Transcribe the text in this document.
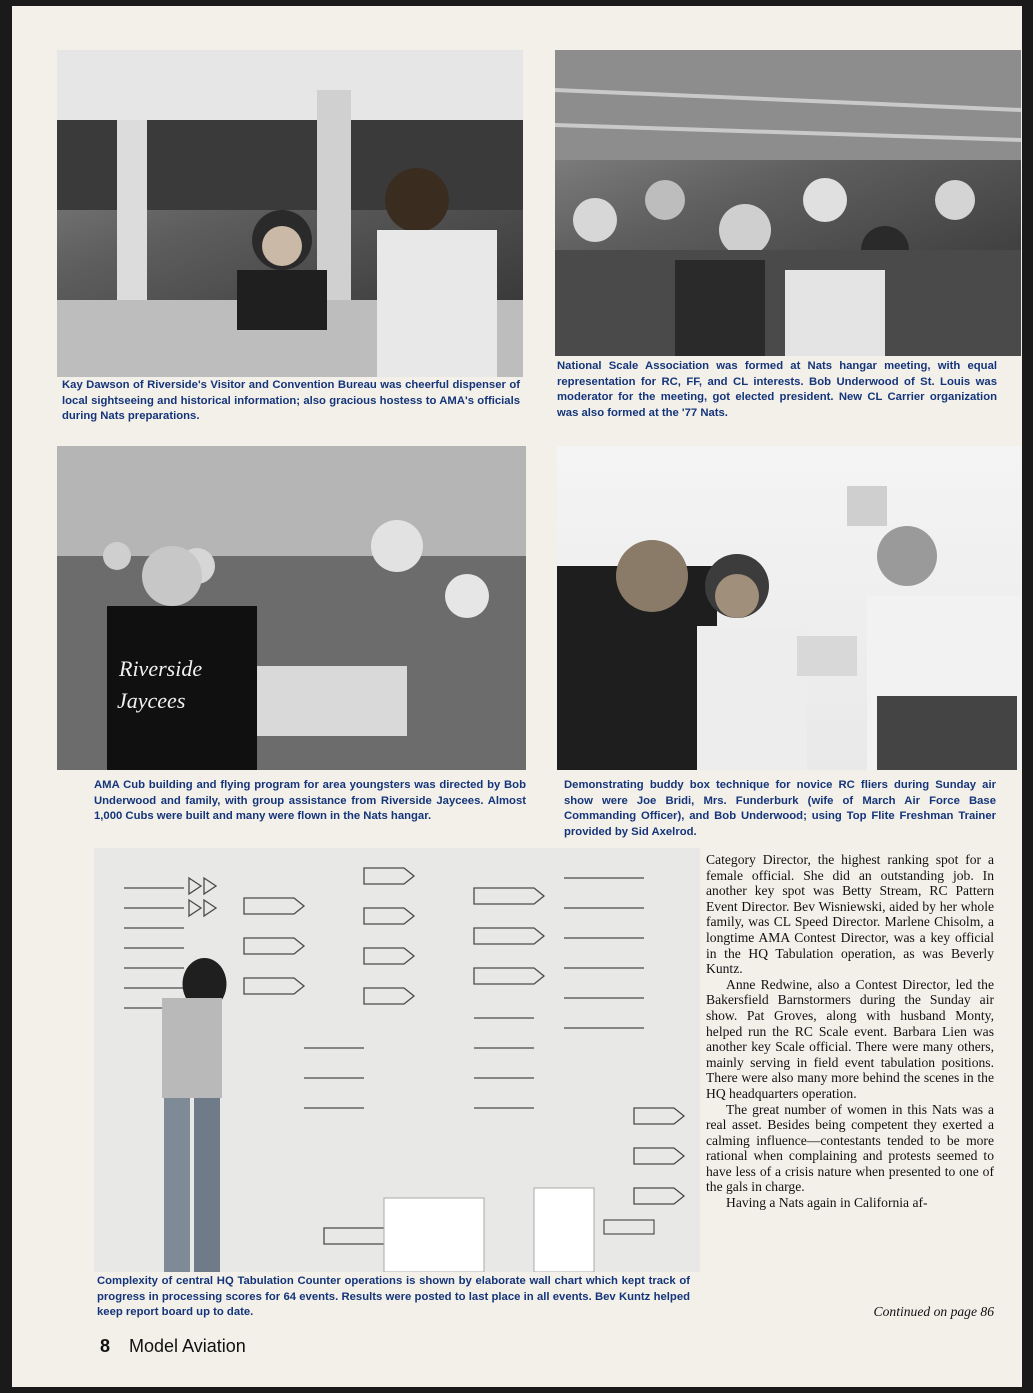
Kay Dawson of Riverside's Visitor and Convention Bureau was cheerful dispenser of local sightseeing and historical information; also gracious hostess to AMA's officials during Nats preparations.

National Scale Association was formed at Nats hangar meeting, with equal representation for RC, FF, and CL interests. Bob Underwood of St. Louis was moderator for the meeting, got elected president. New CL Carrier organization was also formed at the '77 Nats.

Riverside
Jaycees

AMA Cub building and flying program for area youngsters was directed by Bob Underwood and family, with group assistance from Riverside Jaycees. Almost 1,000 Cubs were built and many were flown in the Nats hangar.

Demonstrating buddy box technique for novice RC fliers during Sunday air show were Joe Bridi, Mrs. Funderburk (wife of March Air Force Base Commanding Officer), and Bob Underwood; using Top Flite Freshman Trainer provided by Sid Axelrod.

Complexity of central HQ Tabulation Counter operations is shown by elaborate wall chart which kept track of progress in processing scores for 64 events. Results were posted to last place in all events. Bev Kuntz helped keep report board up to date.

Category Director, the highest ranking spot for a female official. She did an outstanding job. In another key spot was Betty Stream, RC Pattern Event Director. Bev Wisniewski, aided by her whole family, was CL Speed Director. Marlene Chisolm, a longtime AMA Contest Director, was a key official in the HQ Tabulation operation, as was Beverly Kuntz.

Anne Redwine, also a Contest Director, led the Bakersfield Barnstormers during the Sunday air show. Pat Groves, along with husband Monty, helped run the RC Scale event. Barbara Lien was another key Scale official. There were many others, mainly serving in field event tabulation positions. There were also many more behind the scenes in the HQ headquarters operation.

The great number of women in this Nats was a real asset. Besides being competent they exerted a calming influence—contestants tended to be more rational when complaining and protests seemed to have less of a crisis nature when presented to one of the gals in charge.

Having a Nats again in California af-

Continued on page 86
8 Model Aviation
